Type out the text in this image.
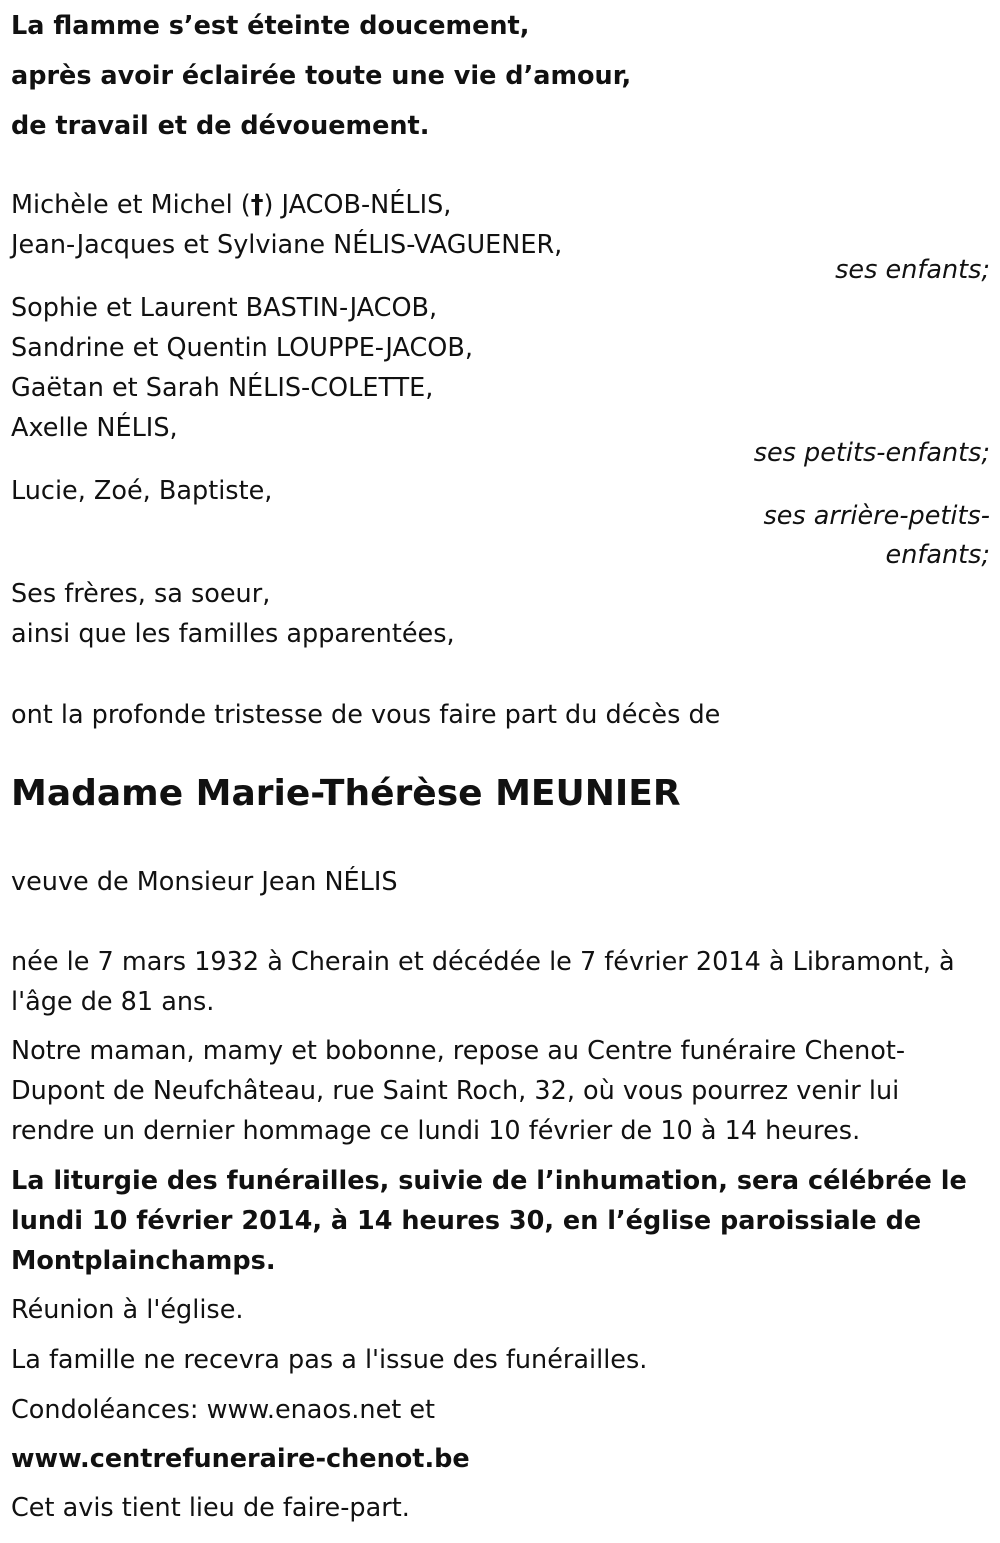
La flamme s’est éteinte doucement,
après avoir éclairée toute une vie d’amour,
de travail et de dévouement.
Michèle et Michel (†) JACOB-NÉLIS,
Jean-Jacques et Sylviane NÉLIS-VAGUENER,
ses enfants;
Sophie et Laurent BASTIN-JACOB,
Sandrine et Quentin LOUPPE-JACOB,
Gaëtan et Sarah NÉLIS-COLETTE,
Axelle NÉLIS,
ses petits-enfants;
Lucie, Zoé, Baptiste,
ses arrière-petits-
enfants;
Ses frères, sa soeur,
ainsi que les familles apparentées,
ont la profonde tristesse de vous faire part du décès de
Madame Marie-Thérèse MEUNIER
veuve de Monsieur Jean NÉLIS
née le 7 mars 1932 à Cherain et décédée le 7 février 2014 à Libramont, à
l'âge de 81 ans.
Notre maman, mamy et bobonne, repose au Centre funéraire Chenot-
Dupont de Neufchâteau, rue Saint Roch, 32, où vous pourrez venir lui
rendre un dernier hommage ce lundi 10 février de 10 à 14 heures.
La liturgie des funérailles, suivie de l’inhumation, sera célébrée le
lundi 10 février 2014, à 14 heures 30, en l’église paroissiale de
Montplainchamps.
Réunion à l'église.
La famille ne recevra pas a l'issue des funérailles.
Condoléances: www.enaos.net et
www.centrefuneraire-chenot.be
Cet avis tient lieu de faire-part.
